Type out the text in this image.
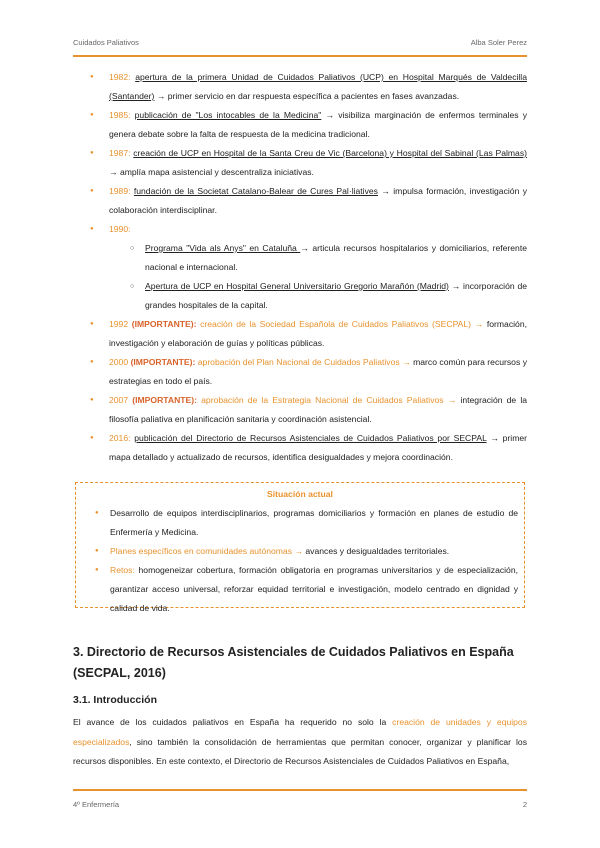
Cuidados Paliativos	Alba Soler Perez
● 1982: apertura de la primera Unidad de Cuidados Paliativos (UCP) en Hospital Marqués de Valdecilla (Santander) → primer servicio en dar respuesta específica a pacientes en fases avanzadas.
● 1985: publicación de "Los intocables de la Medicina" → visibiliza marginación de enfermos terminales y genera debate sobre la falta de respuesta de la medicina tradicional.
● 1987: creación de UCP en Hospital de la Santa Creu de Vic (Barcelona) y Hospital del Sabinal (Las Palmas) → amplía mapa asistencial y descentraliza iniciativas.
● 1989: fundación de la Societat Catalano-Balear de Cures Pal·liatives → impulsa formación, investigación y colaboración interdisciplinar.
● 1990:
○ Programa "Vida als Anys" en Cataluña → articula recursos hospitalarios y domiciliarios, referente nacional e internacional.
○ Apertura de UCP en Hospital General Universitario Gregorio Marañón (Madrid) → incorporación de grandes hospitales de la capital.
● 1992 (IMPORTANTE): creación de la Sociedad Española de Cuidados Paliativos (SECPAL) → formación, investigación y elaboración de guías y políticas públicas.
● 2000 (IMPORTANTE): aprobación del Plan Nacional de Cuidados Paliativos → marco común para recursos y estrategias en todo el país.
● 2007 (IMPORTANTE): aprobación de la Estrategia Nacional de Cuidados Paliativos → integración de la filosofía paliativa en planificación sanitaria y coordinación asistencial.
● 2016: publicación del Directorio de Recursos Asistenciales de Cuidados Paliativos por SECPAL → primer mapa detallado y actualizado de recursos, identifica desigualdades y mejora coordinación.
Situación actual
● Desarrollo de equipos interdisciplinarios, programas domiciliarios y formación en planes de estudio de Enfermería y Medicina.
● Planes específicos en comunidades autónomas → avances y desigualdades territoriales.
● Retos: homogeneizar cobertura, formación obligatoria en programas universitarios y de especialización, garantizar acceso universal, reforzar equidad territorial e investigación, modelo centrado en dignidad y calidad de vida.
3. Directorio de Recursos Asistenciales de Cuidados Paliativos en España (SECPAL, 2016)
3.1. Introducción
El avance de los cuidados paliativos en España ha requerido no solo la creación de unidades y equipos especializados, sino también la consolidación de herramientas que permitan conocer, organizar y planificar los recursos disponibles. En este contexto, el Directorio de Recursos Asistenciales de Cuidados Paliativos en España,
4º Enfermería	2
